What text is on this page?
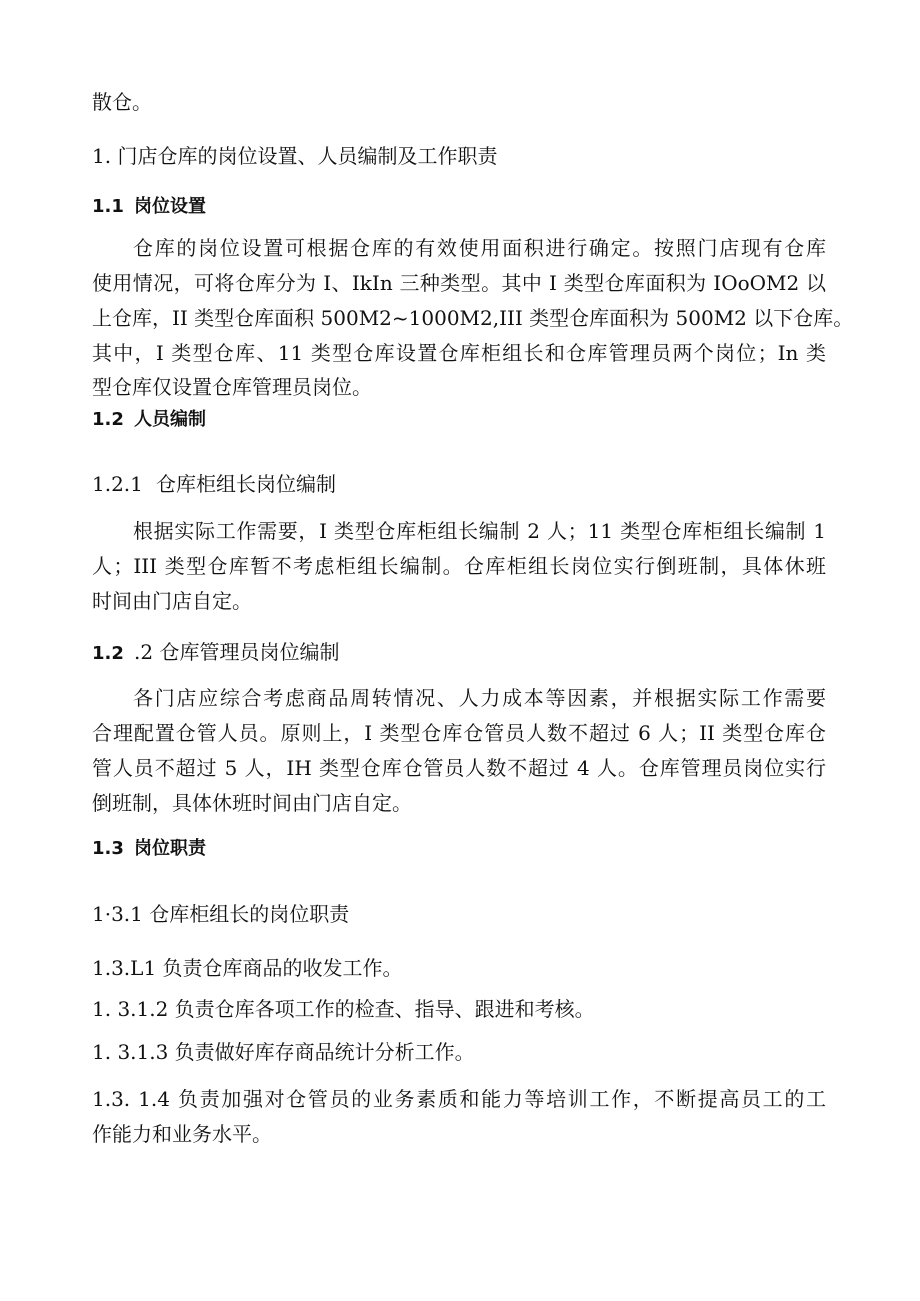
散仓。

1. 门店仓库的岗位设置、人员编制及工作职责

1.1 岗位设置

仓库的岗位设置可根据仓库的有效使用面积进行确定。按照门店现有仓库

使用情况，可将仓库分为 I、IkIn 三种类型。其中 I 类型仓库面积为 IOoOM2 以

上仓库，II 类型仓库面积 500M2~1000M2,III 类型仓库面积为 500M2 以下仓库。

其中，I 类型仓库、11 类型仓库设置仓库柜组长和仓库管理员两个岗位；In 类

型仓库仅设置仓库管理员岗位。

1.2 人员编制

1.2.1 仓库柜组长岗位编制

根据实际工作需要，I 类型仓库柜组长编制 2 人；11 类型仓库柜组长编制 1

人；III 类型仓库暂不考虑柜组长编制。仓库柜组长岗位实行倒班制，具体休班

时间由门店自定。

1.2 .2 仓库管理员岗位编制

各门店应综合考虑商品周转情况、人力成本等因素，并根据实际工作需要

合理配置仓管人员。原则上，I 类型仓库仓管员人数不超过 6 人；II 类型仓库仓

管人员不超过 5 人，IH 类型仓库仓管员人数不超过 4 人。仓库管理员岗位实行

倒班制，具体休班时间由门店自定。

1.3 岗位职责

1·3.1 仓库柜组长的岗位职责

1.3.L1 负责仓库商品的收发工作。

1. 3.1.2 负责仓库各项工作的检查、指导、跟进和考核。

1. 3.1.3 负责做好库存商品统计分析工作。

1.3. 1.4 负责加强对仓管员的业务素质和能力等培训工作，不断提高员工的工

作能力和业务水平。
